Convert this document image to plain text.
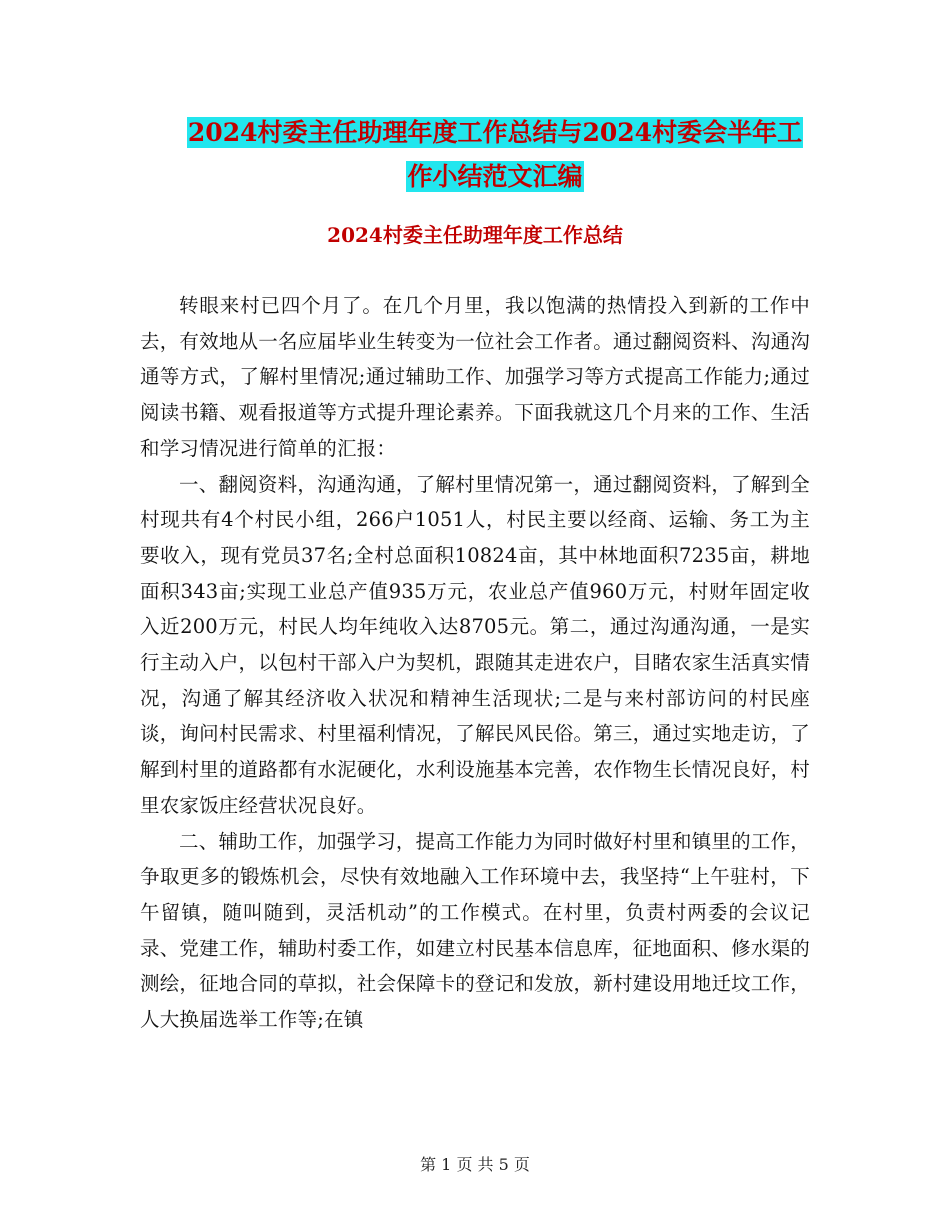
2024村委主任助理年度工作总结与2024村委会半年工
作小结范文汇编
2024村委主任助理年度工作总结

转眼来村已四个月了。在几个月里，我以饱满的热情投入到新的工作中去，有效地从一名应届毕业生转变为一位社会工作者。通过翻阅资料、沟通沟通等方式，了解村里情况;通过辅助工作、加强学习等方式提高工作能力;通过阅读书籍、观看报道等方式提升理论素养。下面我就这几个月来的工作、生活和学习情况进行简单的汇报：

一、翻阅资料，沟通沟通，了解村里情况第一，通过翻阅资料，了解到全村现共有4个村民小组，266户1051人，村民主要以经商、运输、务工为主要收入，现有党员37名;全村总面积10824亩，其中林地面积7235亩，耕地面积343亩;实现工业总产值935万元，农业总产值960万元，村财年固定收入近200万元，村民人均年纯收入达8705元。第二，通过沟通沟通，一是实行主动入户，以包村干部入户为契机，跟随其走进农户，目睹农家生活真实情况，沟通了解其经济收入状况和精神生活现状;二是与来村部访问的村民座谈，询问村民需求、村里福利情况，了解民风民俗。第三，通过实地走访，了解到村里的道路都有水泥硬化，水利设施基本完善，农作物生长情况良好，村里农家饭庄经营状况良好。

二、辅助工作，加强学习，提高工作能力为同时做好村里和镇里的工作，争取更多的锻炼机会，尽快有效地融入工作环境中去，我坚持“上午驻村，下午留镇，随叫随到，灵活机动”的工作模式。在村里，负责村两委的会议记录、党建工作，辅助村委工作，如建立村民基本信息库，征地面积、修水渠的测绘，征地合同的草拟，社会保障卡的登记和发放，新村建设用地迁坟工作，人大换届选举工作等;在镇

第 1 页 共 5 页
